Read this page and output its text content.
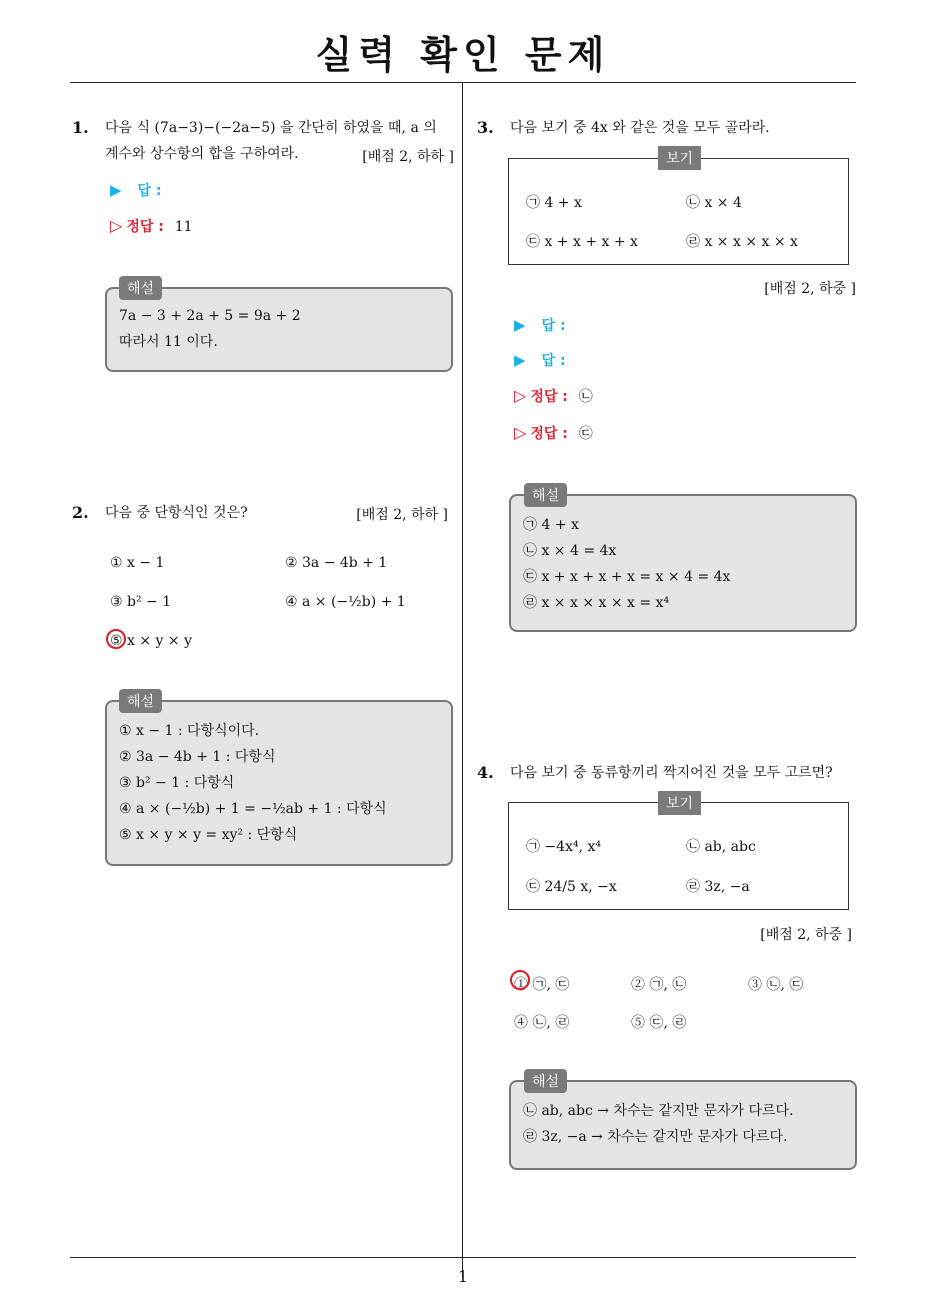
실력 확인 문제
1
1. 다음 식 (7a−3)−(−2a−5) 을 간단히 하였을 때, a 의
계수와 상수항의 합을 구하여라.	[배점 2, 하하 ]
▶ 답 :
▷ 정답 : 11
해설
7a − 3 + 2a + 5 = 9a + 2
따라서 11 이다.
2. 다음 중 단항식인 것은?	[배점 2, 하하 ]
① x − 1	② 3a − 4b + 1
③ b² − 1	④ a × (−½b) + 1
⑤ x × y × y
해설
① x − 1 : 다항식이다.
② 3a − 4b + 1 : 다항식
③ b² − 1 : 다항식
④ a × (−½b) + 1 = −½ab + 1 : 다항식
⑤ x × y × y = xy² : 단항식
3. 다음 보기 중 4x 와 같은 것을 모두 골라라.
보기
㉠ 4 + x	㉡ x × 4
㉢ x + x + x + x	㉣ x × x × x × x
[배점 2, 하중 ]
▶ 답 :
▶ 답 :
▷ 정답 : ㉡
▷ 정답 : ㉢
해설
㉠ 4 + x
㉡ x × 4 = 4x
㉢ x + x + x + x = x × 4 = 4x
㉣ x × x × x × x = x⁴
4. 다음 보기 중 동류항끼리 짝지어진 것을 모두 고르면?
보기
㉠ −4x⁴, x⁴	㉡ ab, abc
㉢ 24/5 x, −x	㉣ 3z, −a
[배점 2, 하중 ]
① ㉠, ㉢	② ㉠, ㉡	③ ㉡, ㉢
④ ㉡, ㉣	⑤ ㉢, ㉣
해설
㉡ ab, abc → 차수는 같지만 문자가 다르다.
㉣ 3z, −a → 차수는 같지만 문자가 다르다.
